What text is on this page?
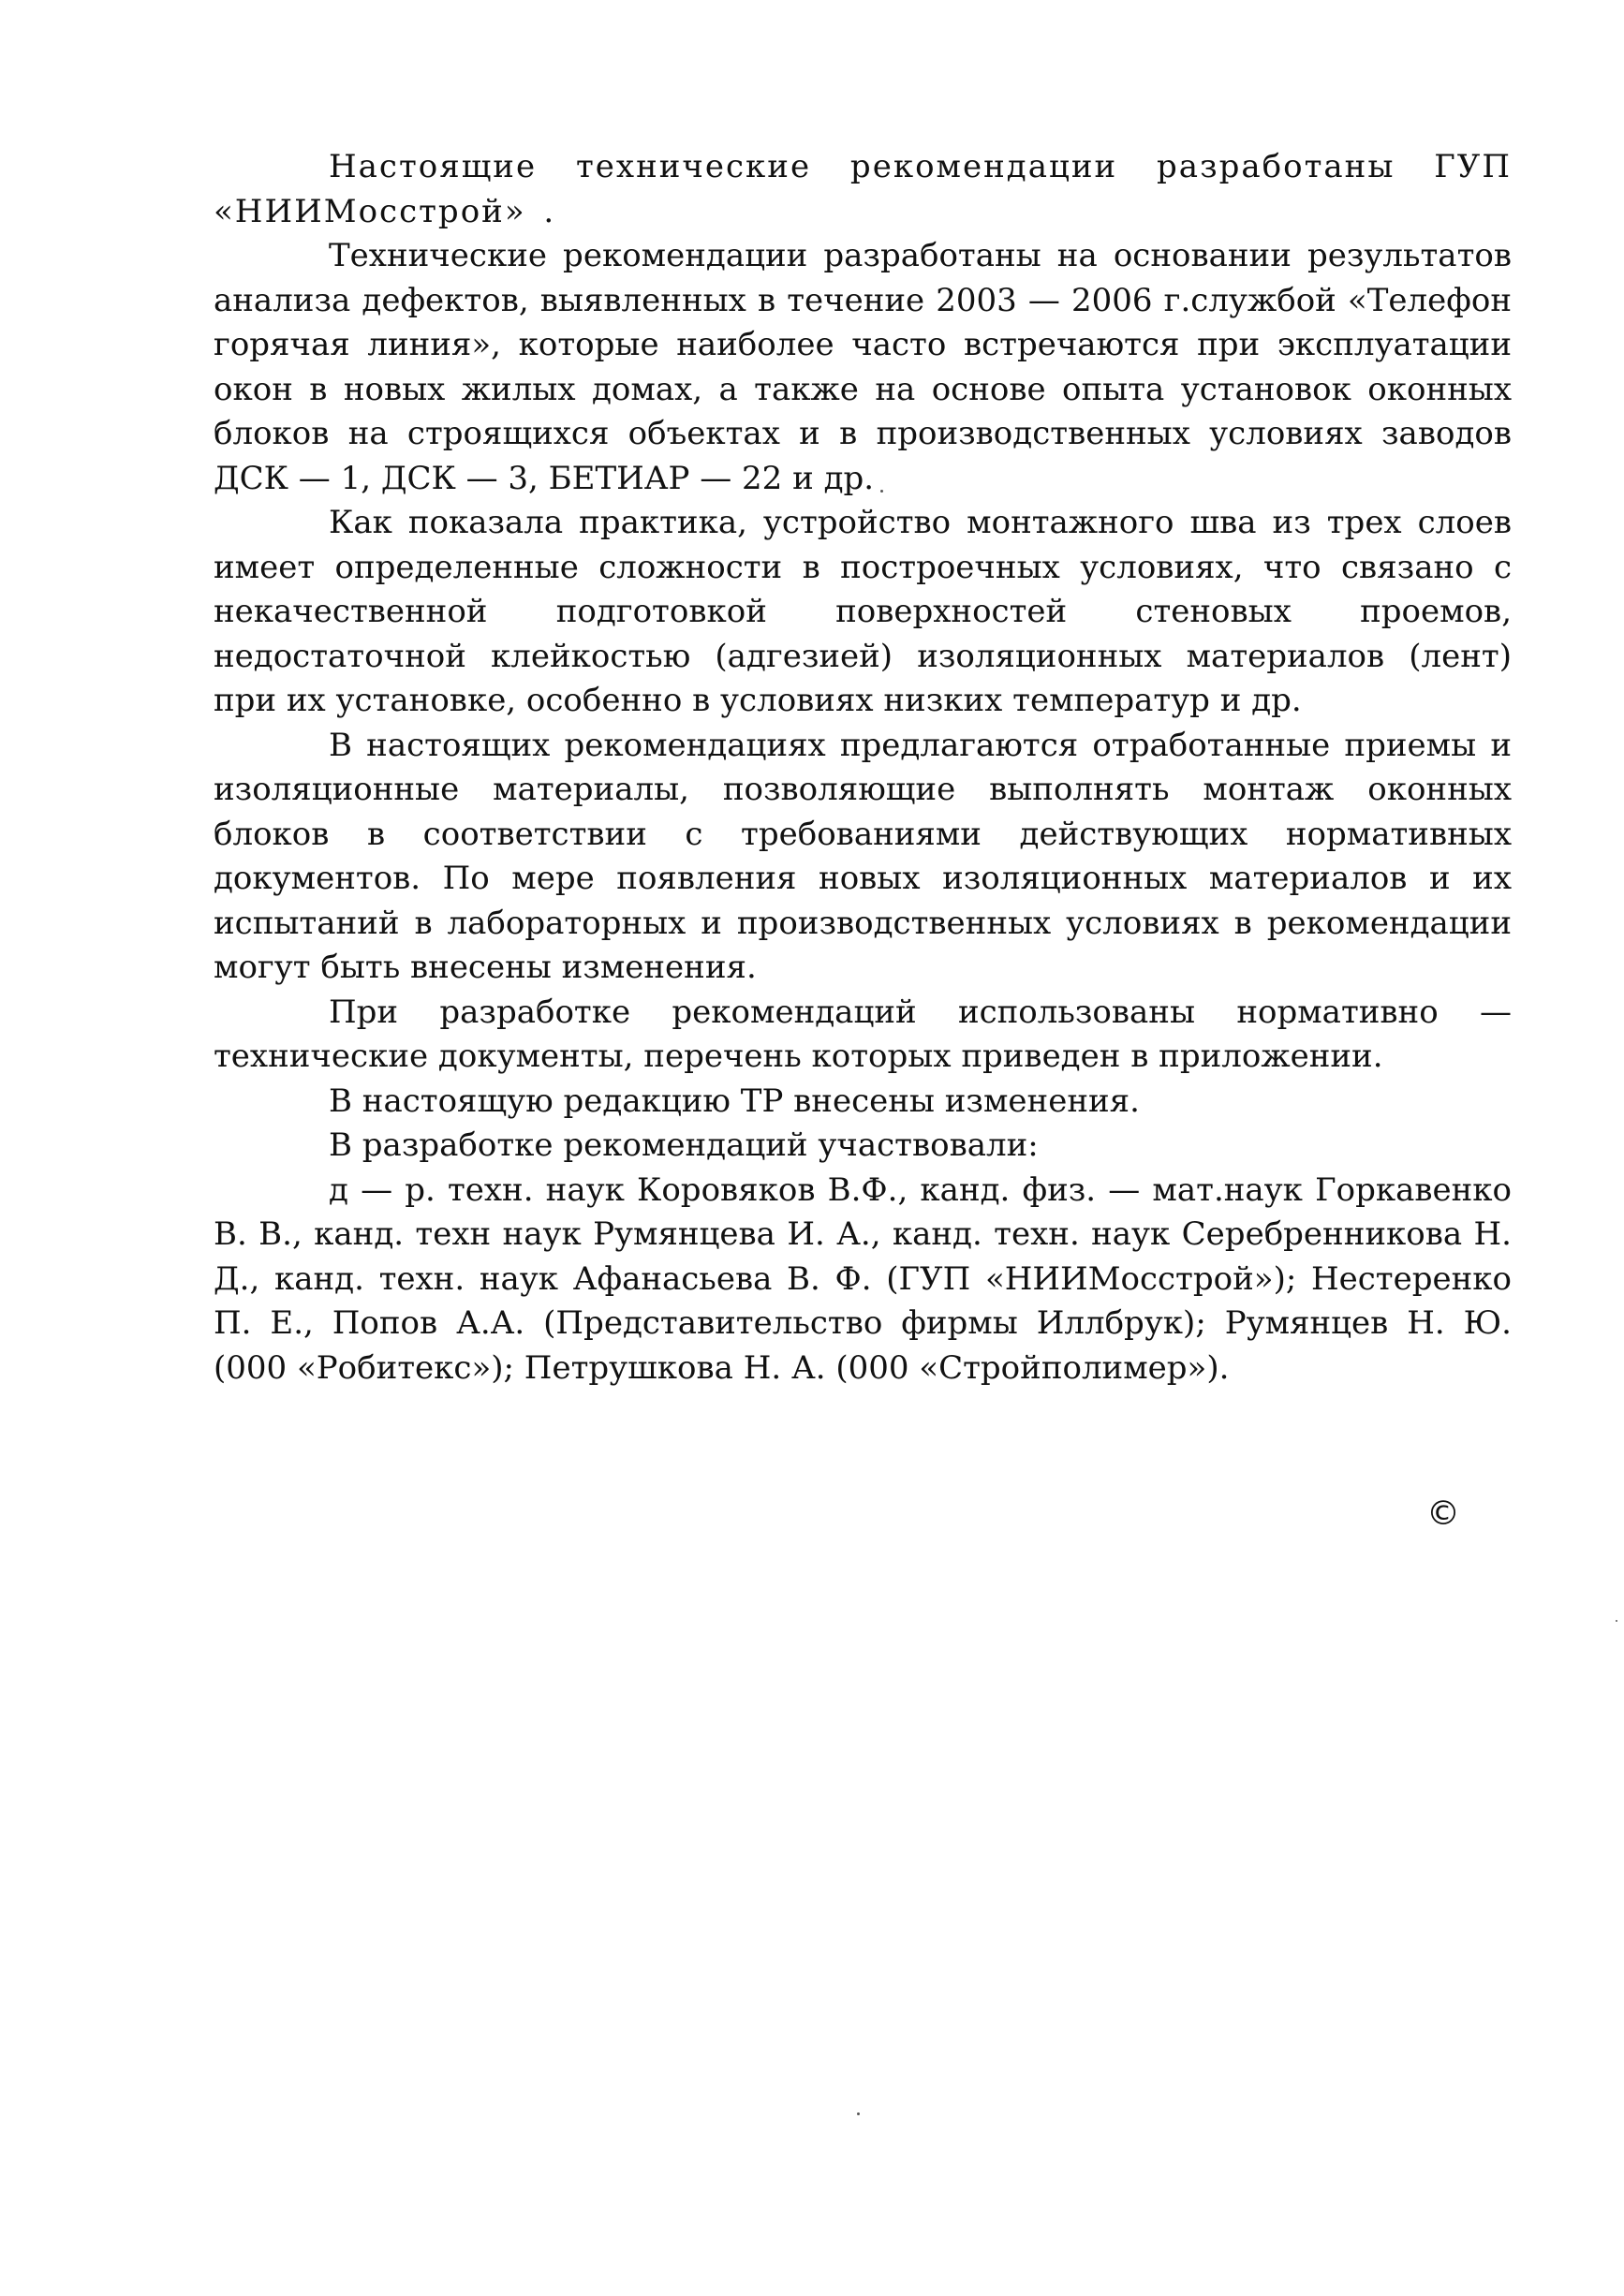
Настоящие технические рекомендации разработаны ГУП «НИИМосстрой» .

Технические рекомендации разработаны на основании результатов анализа дефектов, выявленных в течение 2003 — 2006 г.службой «Телефон горячая линия», которые наиболее часто встречаются при эксплуатации окон в новых жилых домах, а также на основе опыта установок оконных блоков на строящихся объектах и в производственных условиях заводов ДСК — 1, ДСК — 3, БЕТИАР — 22 и др.

Как показала практика, устройство монтажного шва из трех слоев имеет определенные сложности в построечных условиях, что связано с некачественной подготовкой поверхностей стеновых проемов, недостаточной клейкостью (адгезией) изоляционных материалов (лент) при их установке, особенно в условиях низких температур и др.

В настоящих рекомендациях предлагаются отработанные приемы и изоляционные материалы, позволяющие выполнять монтаж оконных блоков в соответствии с требованиями действующих нормативных документов. По мере появления новых изоляционных материалов и их испытаний в лабораторных и производственных условиях в рекомендации могут быть внесены изменения.

При разработке рекомендаций использованы нормативно — технические документы, перечень которых приведен в приложении.

В настоящую редакцию ТР внесены изменения.

В разработке рекомендаций участвовали:

д — р. техн. наук Коровяков В.Ф., канд. физ. — мат.наук Горкавенко В. В., канд. техн наук Румянцева И. А., канд. техн. наук Серебренникова Н. Д., канд. техн. наук Афанасьева В. Ф. (ГУП «НИИМосстрой»); Нестеренко П. Е., Попов А.А. (Представительство фирмы Иллбрук); Румянцев Н. Ю. (000 «Робитекс»); Петрушкова Н. А. (000 «Стройполимер»).

©
